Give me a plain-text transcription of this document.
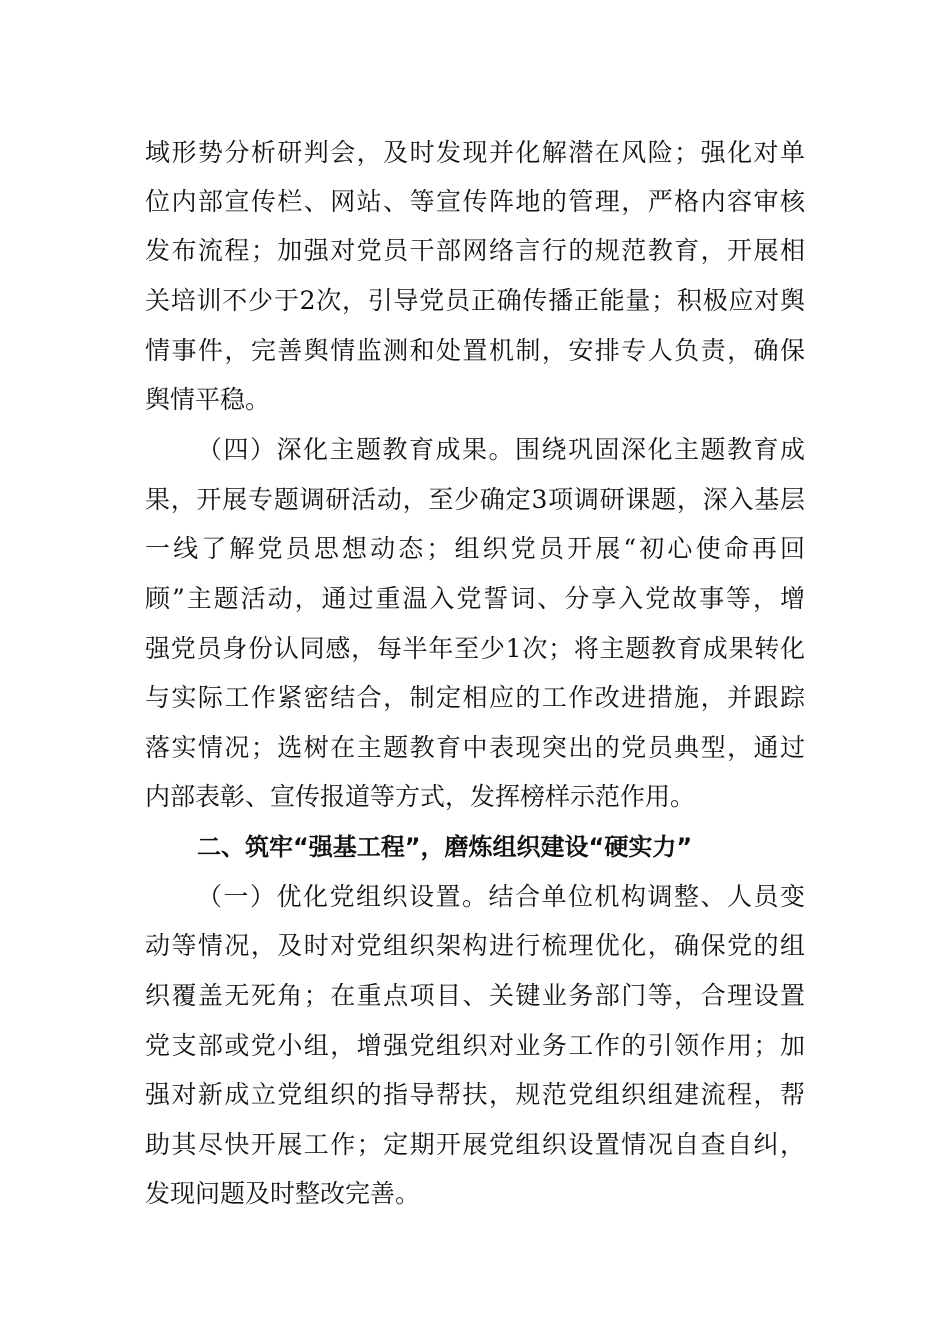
域形势分析研判会，及时发现并化解潜在风险；强化对单

位内部宣传栏、网站、等宣传阵地的管理，严格内容审核

发布流程；加强对党员干部网络言行的规范教育，开展相

关培训不少于2次，引导党员正确传播正能量；积极应对舆

情事件，完善舆情监测和处置机制，安排专人负责，确保

舆情平稳。

（四）深化主题教育成果。围绕巩固深化主题教育成

果，开展专题调研活动，至少确定3项调研课题，深入基层

一线了解党员思想动态；组织党员开展“初心使命再回

顾”主题活动，通过重温入党誓词、分享入党故事等，增

强党员身份认同感，每半年至少1次；将主题教育成果转化

与实际工作紧密结合，制定相应的工作改进措施，并跟踪

落实情况；选树在主题教育中表现突出的党员典型，通过

内部表彰、宣传报道等方式，发挥榜样示范作用。

二、筑牢“强基工程”，磨炼组织建设“硬实力”

（一）优化党组织设置。结合单位机构调整、人员变

动等情况，及时对党组织架构进行梳理优化，确保党的组

织覆盖无死角；在重点项目、关键业务部门等，合理设置

党支部或党小组，增强党组织对业务工作的引领作用；加

强对新成立党组织的指导帮扶，规范党组织组建流程，帮

助其尽快开展工作；定期开展党组织设置情况自查自纠，

发现问题及时整改完善。
